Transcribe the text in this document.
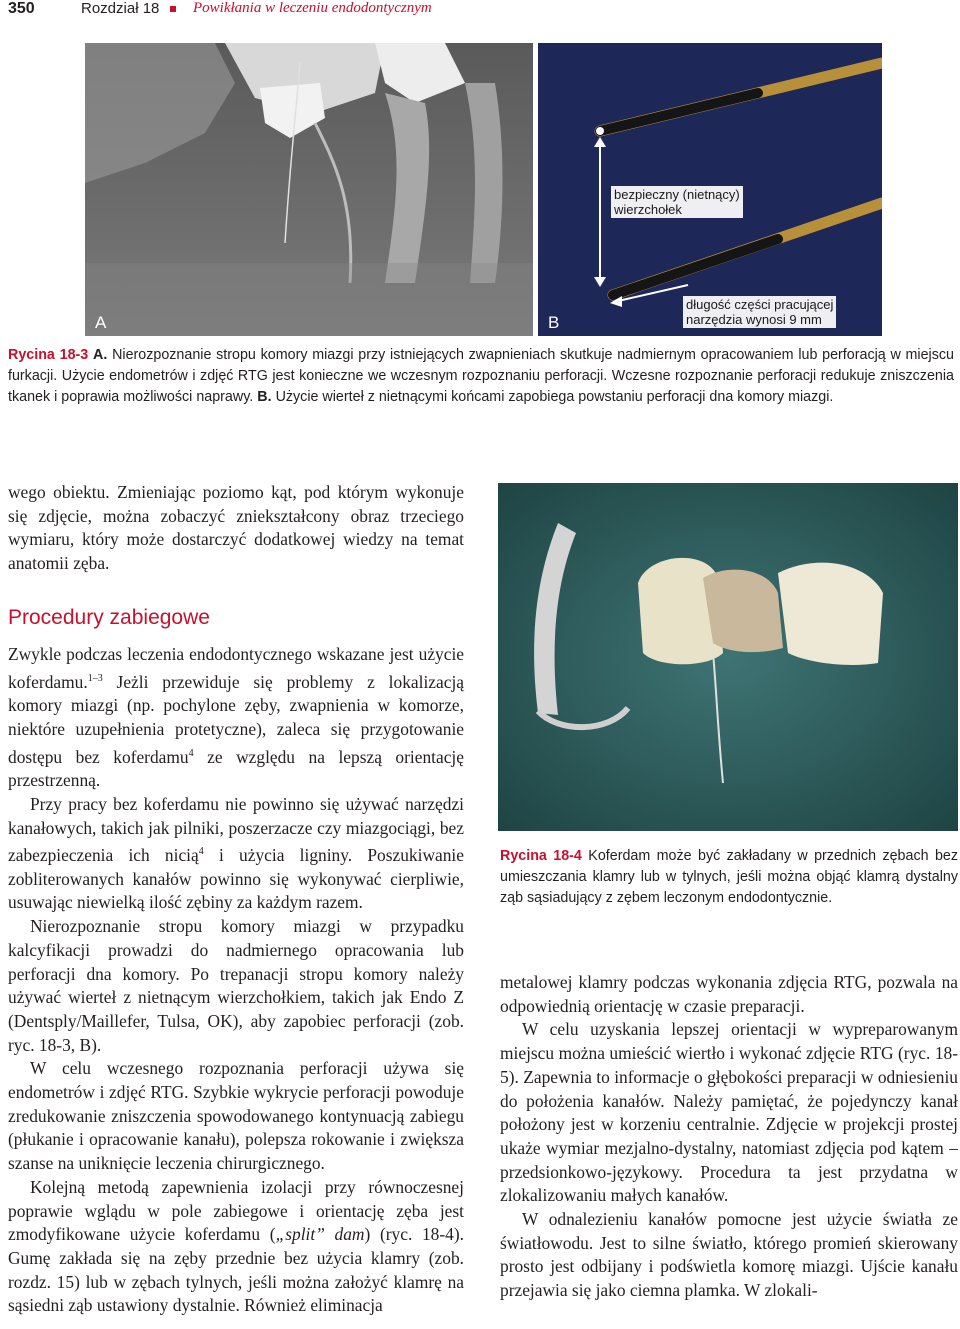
350	Rozdział 18 Powikłania w leczeniu endodontycznym
A
bezpieczny (nietnący)
wierzchołek
długość części pracującej
narzędzia wynosi 9 mm
B
Rycina 18-3 A. Nierozpoznanie stropu komory miazgi przy istniejących zwapnieniach skutkuje nadmiernym opracowaniem lub perforacją w miejscu furkacji. Użycie endometrów i zdjęć RTG jest konieczne we wczesnym rozpoznaniu perforacji. Wczesne rozpoznanie perforacji redukuje zniszczenia tkanek i poprawia możliwości naprawy. B. Użycie wierteł z nietnącymi końcami zapobiega powstaniu perforacji dna komory miazgi.

wego obiektu. Zmieniając poziomo kąt, pod którym wykonuje się zdjęcie, można zobaczyć zniekształcony obraz trzeciego wymiaru, który może dostarczyć dodatkowej wiedzy na temat anatomii zęba.

Procedury zabiegowe

Zwykle podczas leczenia endodontycznego wskazane jest użycie koferdamu.$^{1-3}$ Jeżli przewiduje się problemy z lokalizacją komory miazgi (np. pochylone zęby, zwapnienia w komorze, niektóre uzupełnienia protetyczne), zaleca się przygotowanie dostępu bez koferdamu$^4$ ze względu na lepszą orientację przestrzenną.

Przy pracy bez koferdamu nie powinno się używać narzędzi kanałowych, takich jak pilniki, poszerzacze czy miazgociągi, bez zabezpieczenia ich nicią$^4$ i użycia ligniny. Poszukiwanie zobliterowanych kanałów powinno się wykonywać cierpliwie, usuwając niewielką ilość zębiny za każdym razem.

Nierozpoznanie stropu komory miazgi w przypadku kalcyfikacji prowadzi do nadmiernego opracowania lub perforacji dna komory. Po trepanacji stropu komory należy używać wierteł z nietnącym wierzchołkiem, takich jak Endo Z (Dentsply/Maillefer, Tulsa, OK), aby zapobiec perforacji (zob. ryc. 18-3, B).

W celu wczesnego rozpoznania perforacji używa się endometrów i zdjęć RTG. Szybkie wykrycie perforacji powoduje zredukowanie zniszczenia spowodowanego kontynuacją zabiegu (płukanie i opracowanie kanału), polepsza rokowanie i zwiększa szanse na uniknięcie leczenia chirurgicznego.

Kolejną metodą zapewnienia izolacji przy równoczesnej poprawie wglądu w pole zabiegowe i orientację zęba jest zmodyfikowane użycie koferdamu („split” dam) (ryc. 18-4). Gumę zakłada się na zęby przednie bez użycia klamry (zob. rozdz. 15) lub w zębach tylnych, jeśli można założyć klamrę na sąsiedni ząb ustawiony dystalnie. Również eliminacja

Rycina 18-4 Koferdam może być zakładany w przednich zębach bez umieszczania klamry lub w tylnych, jeśli można objąć klamrą dystalny ząb sąsiadujący z zębem leczonym endodontycznie.

metalowej klamry podczas wykonania zdjęcia RTG, pozwala na odpowiednią orientację w czasie preparacji.

W celu uzyskania lepszej orientacji w wypreparowanym miejscu można umieścić wiertło i wykonać zdjęcie RTG (ryc. 18-5). Zapewnia to informacje o głębokości preparacji w odniesieniu do położenia kanałów. Należy pamiętać, że pojedynczy kanał położony jest w korzeniu centralnie. Zdjęcie w projekcji prostej ukaże wymiar mezjalno-dystalny, natomiast zdjęcia pod kątem – przedsionkowo-językowy. Procedura ta jest przydatna w zlokalizowaniu małych kanałów.

W odnalezieniu kanałów pomocne jest użycie światła ze światłowodu. Jest to silne światło, którego promień skierowany prosto jest odbijany i podświetla komorę miazgi. Ujście kanału przejawia się jako ciemna plamka. W zlokali-
